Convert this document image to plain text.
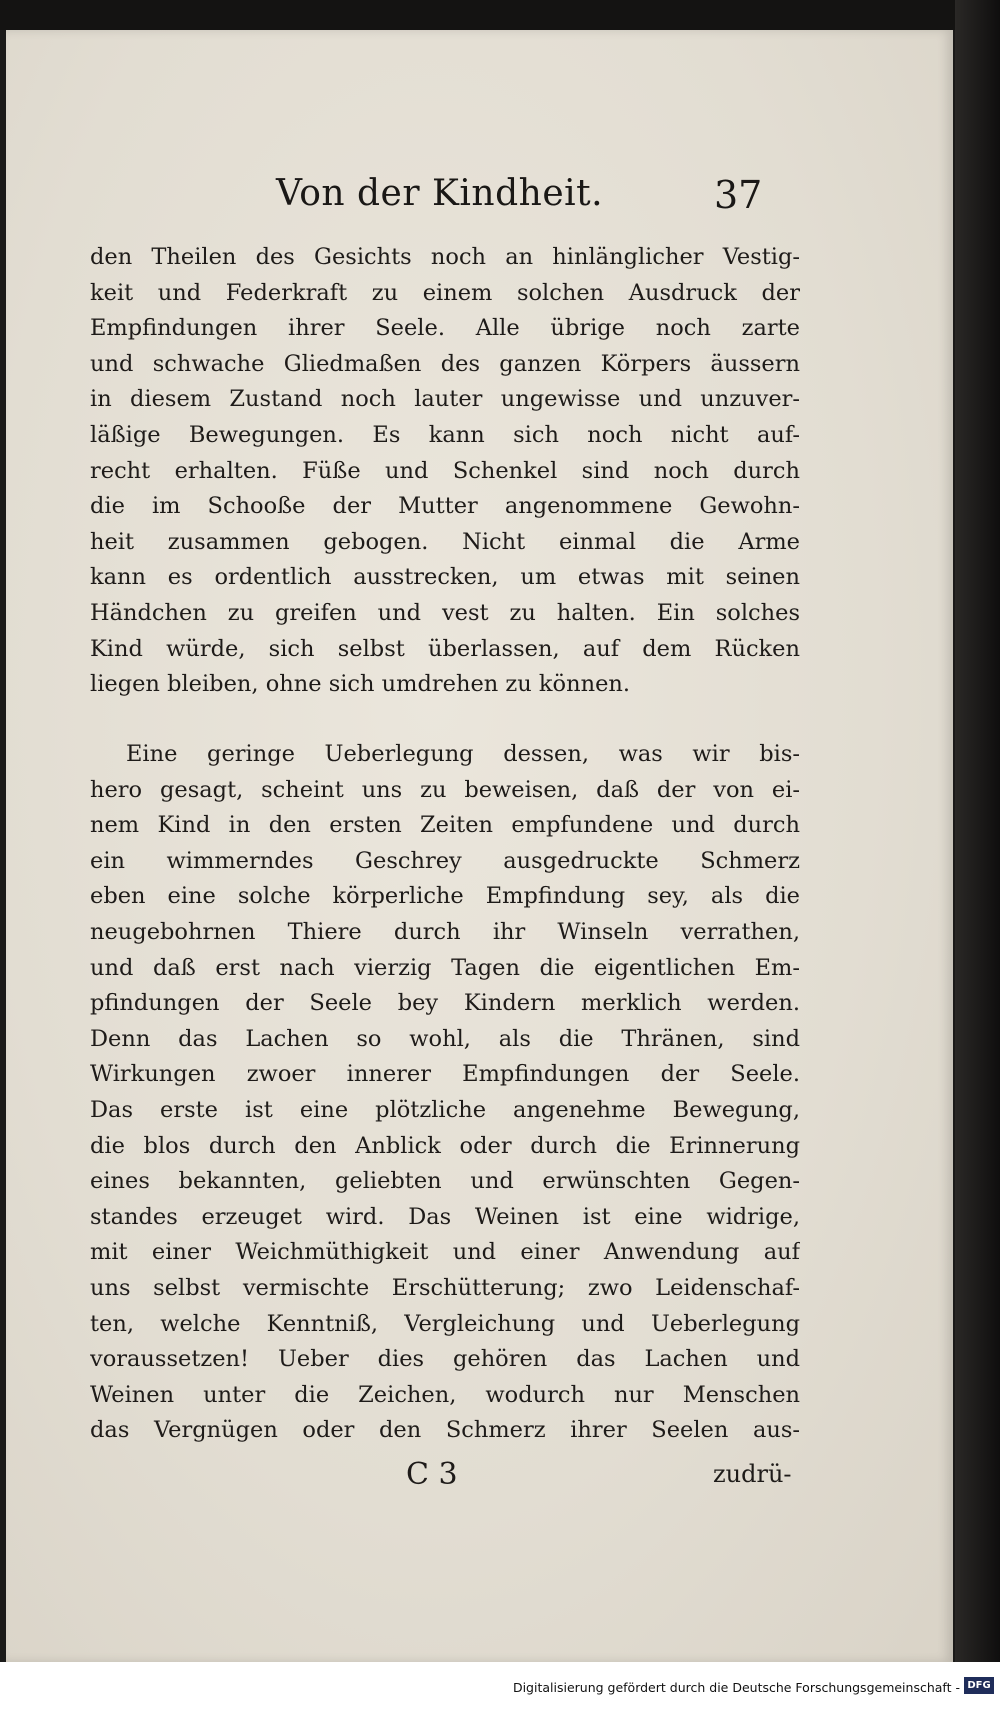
Von der Kindheit.	37
den Theilen des Gesichts noch an hinlänglicher Vestig-
keit und Federkraft zu einem solchen Ausdruck der
Empfindungen ihrer Seele. Alle übrige noch zarte
und schwache Gliedmaßen des ganzen Körpers äussern
in diesem Zustand noch lauter ungewisse und unzuver-
läßige Bewegungen. Es kann sich noch nicht auf-
recht erhalten. Füße und Schenkel sind noch durch
die im Schooße der Mutter angenommene Gewohn-
heit zusammen gebogen. Nicht einmal die Arme
kann es ordentlich ausstrecken, um etwas mit seinen
Händchen zu greifen und vest zu halten. Ein solches
Kind würde, sich selbst überlassen, auf dem Rücken
liegen bleiben, ohne sich umdrehen zu können.
Eine geringe Ueberlegung dessen, was wir bis-
hero gesagt, scheint uns zu beweisen, daß der von ei-
nem Kind in den ersten Zeiten empfundene und durch
ein wimmerndes Geschrey ausgedruckte Schmerz
eben eine solche körperliche Empfindung sey, als die
neugebohrnen Thiere durch ihr Winseln verrathen,
und daß erst nach vierzig Tagen die eigentlichen Em-
pfindungen der Seele bey Kindern merklich werden.
Denn das Lachen so wohl, als die Thränen, sind
Wirkungen zwoer innerer Empfindungen der Seele.
Das erste ist eine plötzliche angenehme Bewegung,
die blos durch den Anblick oder durch die Erinnerung
eines bekannten, geliebten und erwünschten Gegen-
standes erzeuget wird. Das Weinen ist eine widrige,
mit einer Weichmüthigkeit und einer Anwendung auf
uns selbst vermischte Erschütterung; zwo Leidenschaf-
ten, welche Kenntniß, Vergleichung und Ueberlegung
voraussetzen! Ueber dies gehören das Lachen und
Weinen unter die Zeichen, wodurch nur Menschen
das Vergnügen oder den Schmerz ihrer Seelen aus-
C 3	zudrü-
Digitalisierung gefördert durch die Deutsche Forschungsgemeinschaft - DFG
